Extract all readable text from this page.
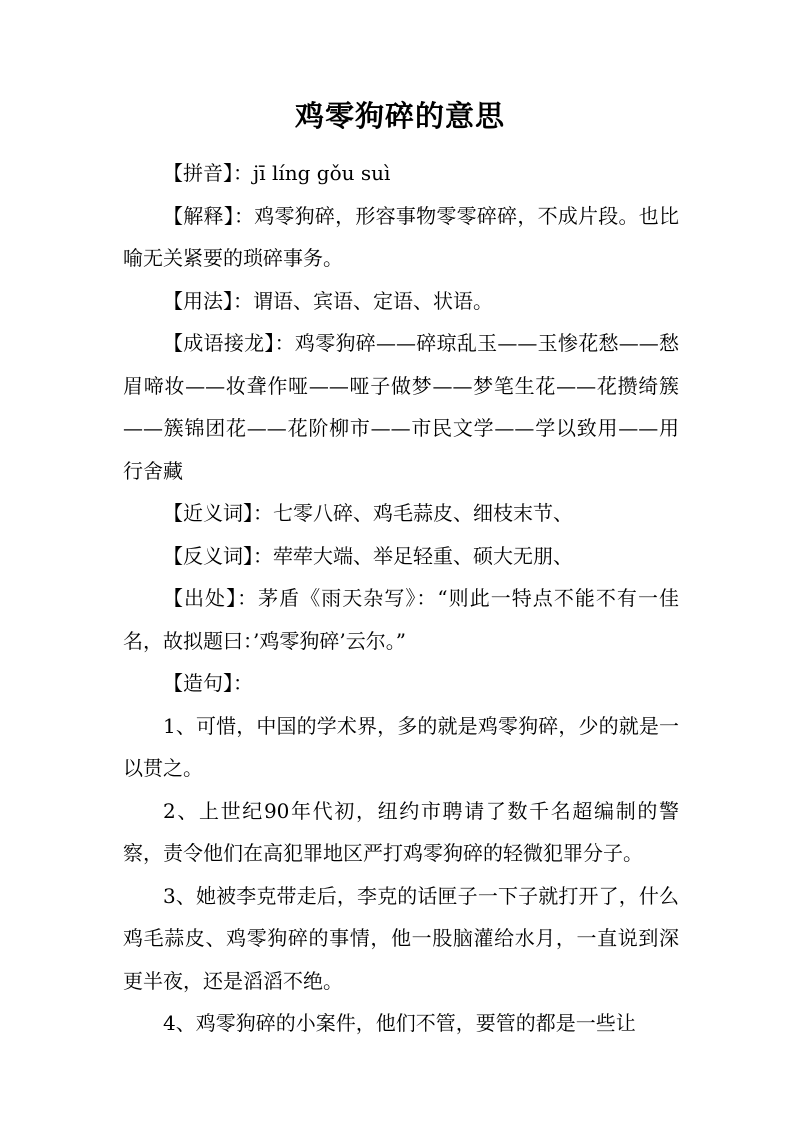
鸡零狗碎的意思

【拼音】：jī líng gǒu suì

【解释】：鸡零狗碎，形容事物零零碎碎，不成片段。也比喻无关紧要的琐碎事务。

【用法】：谓语、宾语、定语、状语。

【成语接龙】：鸡零狗碎——碎琼乱玉——玉惨花愁——愁眉啼妆——妆聋作哑——哑子做梦——梦笔生花——花攒绮簇——簇锦团花——花阶柳市——市民文学——学以致用——用行舍藏

【近义词】：七零八碎、鸡毛蒜皮、细枝末节、

【反义词】：荦荦大端、举足轻重、硕大无朋、

【出处】：茅盾《雨天杂写》：“则此一特点不能不有一佳名，故拟题曰：’鸡零狗碎’云尔。”

【造句】：

1、可惜，中国的学术界，多的就是鸡零狗碎，少的就是一以贯之。

2、上世纪90年代初，纽约市聘请了数千名超编制的警察，责令他们在高犯罪地区严打鸡零狗碎的轻微犯罪分子。

3、她被李克带走后，李克的话匣子一下子就打开了，什么鸡毛蒜皮、鸡零狗碎的事情，他一股脑灌给水月，一直说到深更半夜，还是滔滔不绝。

4、鸡零狗碎的小案件，他们不管，要管的都是一些让
